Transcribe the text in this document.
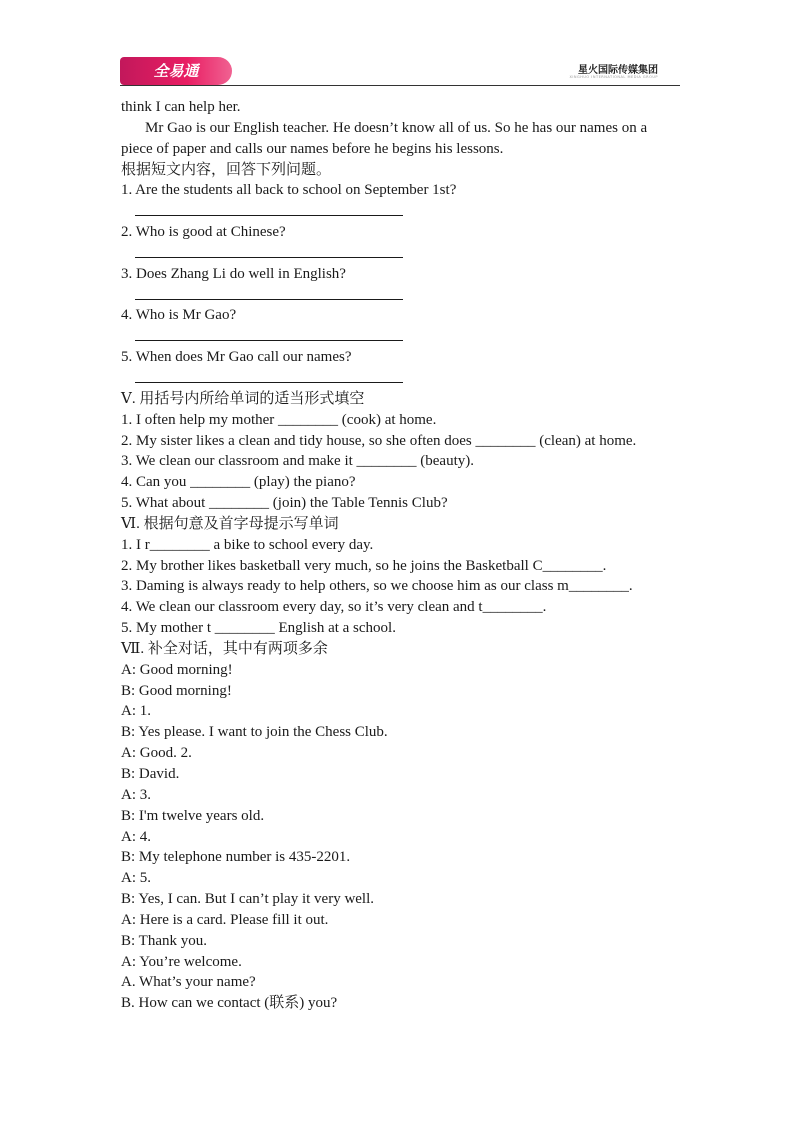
全易通	星火国际传媒集团
XINGHUO INTERNATIONAL MEDIA GROUP
think I can help her.
Mr Gao is our English teacher. He doesn’t know all of us. So he has our names on a
piece of paper and calls our names before he begins his lessons.
根据短文内容，回答下列问题。
1. Are the students all back to school on September 1st?
2. Who is good at Chinese?
3. Does Zhang Li do well in English?
4. Who is Mr Gao?
5. When does Mr Gao call our names?
Ⅴ. 用括号内所给单词的适当形式填空
1. I often help my mother ________ (cook) at home.
2. My sister likes a clean and tidy house, so she often does ________ (clean) at home.
3. We clean our classroom and make it ________ (beauty).
4. Can you ________ (play) the piano?
5. What about ________ (join) the Table Tennis Club?
Ⅵ. 根据句意及首字母提示写单词
1. I r________ a bike to school every day.
2. My brother likes basketball very much, so he joins the Basketball C________.
3. Daming is always ready to help others, so we choose him as our class m________.
4. We clean our classroom every day, so it’s very clean and t________.
5. My mother t ________ English at a school.
Ⅶ. 补全对话，其中有两项多余
A: Good morning!
B: Good morning!
A: 1.
B: Yes please. I want to join the Chess Club.
A: Good. 2.
B: David.
A: 3.
B: I'm twelve years old.
A: 4.
B: My telephone number is 435-2201.
A: 5.
B: Yes, I can. But I can’t play it very well.
A: Here is a card. Please fill it out.
B: Thank you.
A: You’re welcome.
A. What’s your name?
B. How can we contact (联系) you?
